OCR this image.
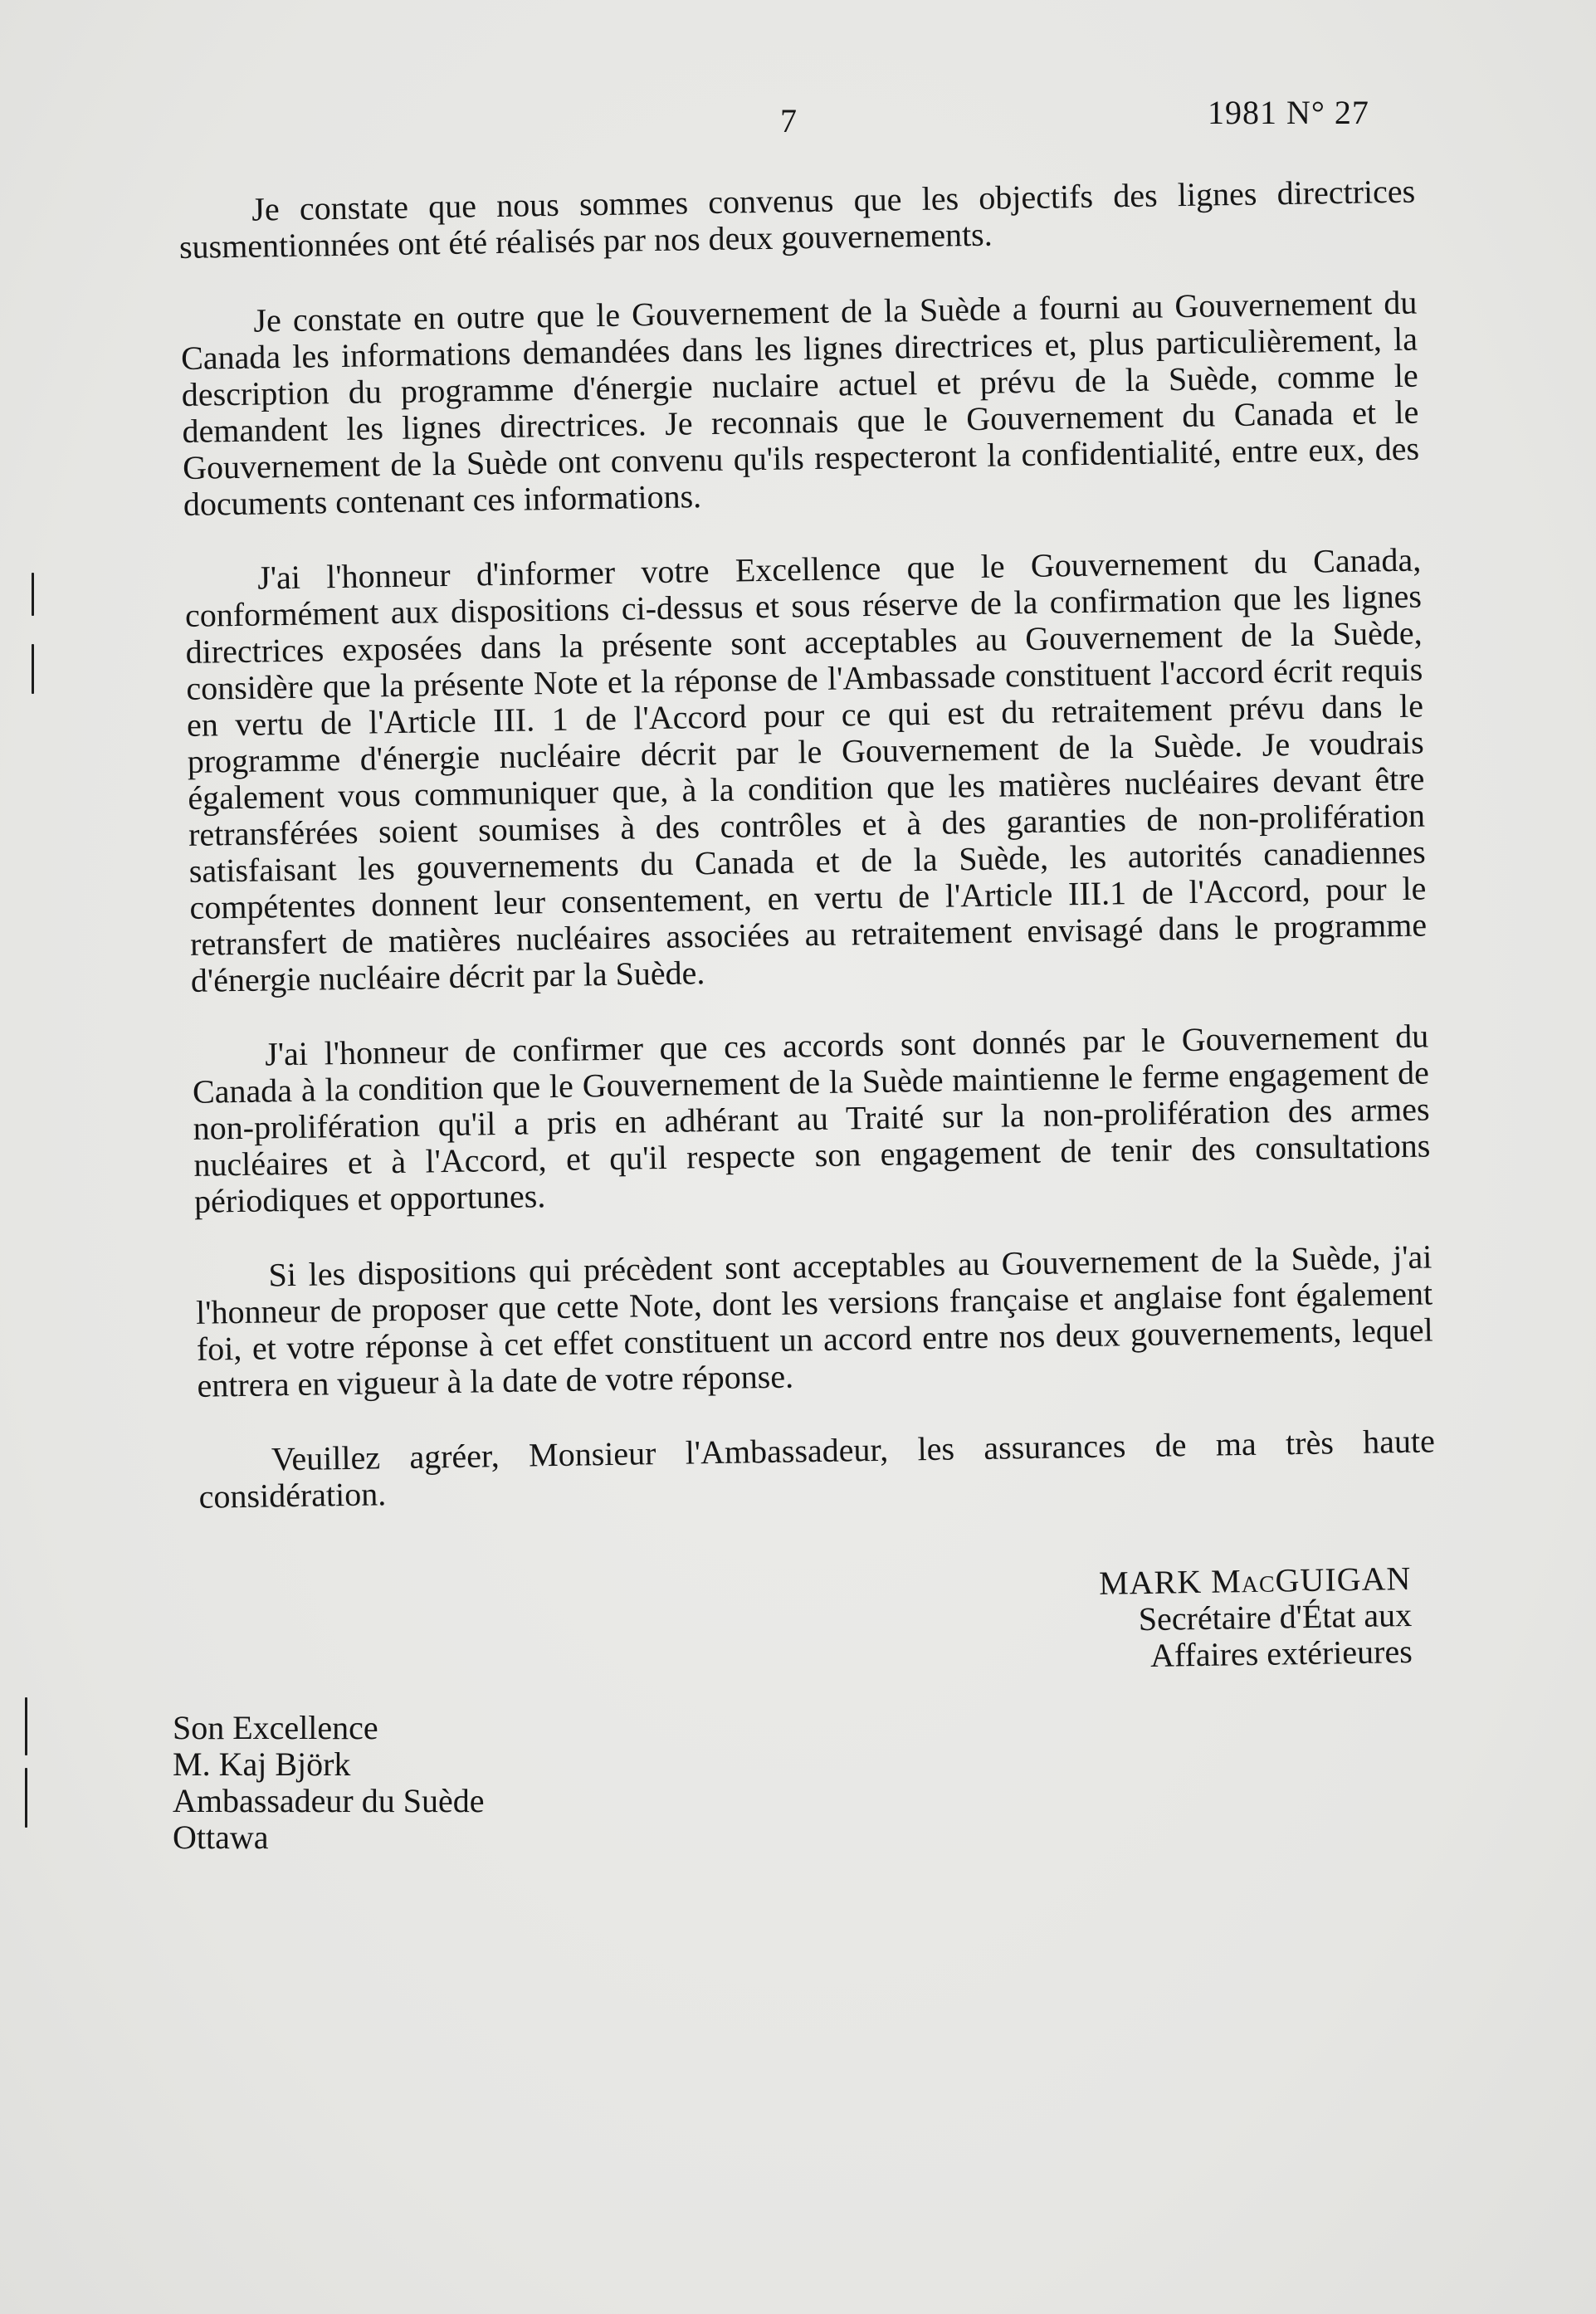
7	1981 N° 27

Je constate que nous sommes convenus que les objectifs des lignes directrices susmentionnées ont été réalisés par nos deux gouvernements.

Je constate en outre que le Gouvernement de la Suède a fourni au Gouvernement du Canada les informations demandées dans les lignes directrices et, plus particulièrement, la description du programme d'énergie nuclaire actuel et prévu de la Suède, comme le demandent les lignes directrices. Je reconnais que le Gouvernement du Canada et le Gouvernement de la Suède ont convenu qu'ils respecteront la confidentialité, entre eux, des documents contenant ces informations.

J'ai l'honneur d'informer votre Excellence que le Gouvernement du Canada, conformément aux dispositions ci-dessus et sous réserve de la confirmation que les lignes directrices exposées dans la présente sont acceptables au Gouvernement de la Suède, considère que la présente Note et la réponse de l'Ambassade constituent l'accord écrit requis en vertu de l'Article III. 1 de l'Accord pour ce qui est du retraitement prévu dans le programme d'énergie nucléaire décrit par le Gouvernement de la Suède. Je voudrais également vous communiquer que, à la condition que les matières nucléaires devant être retransférées soient soumises à des contrôles et à des garanties de non-prolifération satisfaisant les gouvernements du Canada et de la Suède, les autorités canadiennes compétentes donnent leur consentement, en vertu de l'Article III.1 de l'Accord, pour le retransfert de matières nucléaires associées au retraitement envisagé dans le programme d'énergie nucléaire décrit par la Suède.

J'ai l'honneur de confirmer que ces accords sont donnés par le Gouvernement du Canada à la condition que le Gouvernement de la Suède maintienne le ferme engagement de non-prolifération qu'il a pris en adhérant au Traité sur la non-prolifération des armes nucléaires et à l'Accord, et qu'il respecte son engagement de tenir des consultations périodiques et opportunes.

Si les dispositions qui précèdent sont acceptables au Gouvernement de la Suède, j'ai l'honneur de proposer que cette Note, dont les versions française et anglaise font également foi, et votre réponse à cet effet constituent un accord entre nos deux gouvernements, lequel entrera en vigueur à la date de votre réponse.

Veuillez agréer, Monsieur l'Ambassadeur, les assurances de ma très haute considération.

MARK MacGUIGAN
Secrétaire d'État aux
Affaires extérieures
Son Excellence
M. Kaj Björk
Ambassadeur du Suède
Ottawa
